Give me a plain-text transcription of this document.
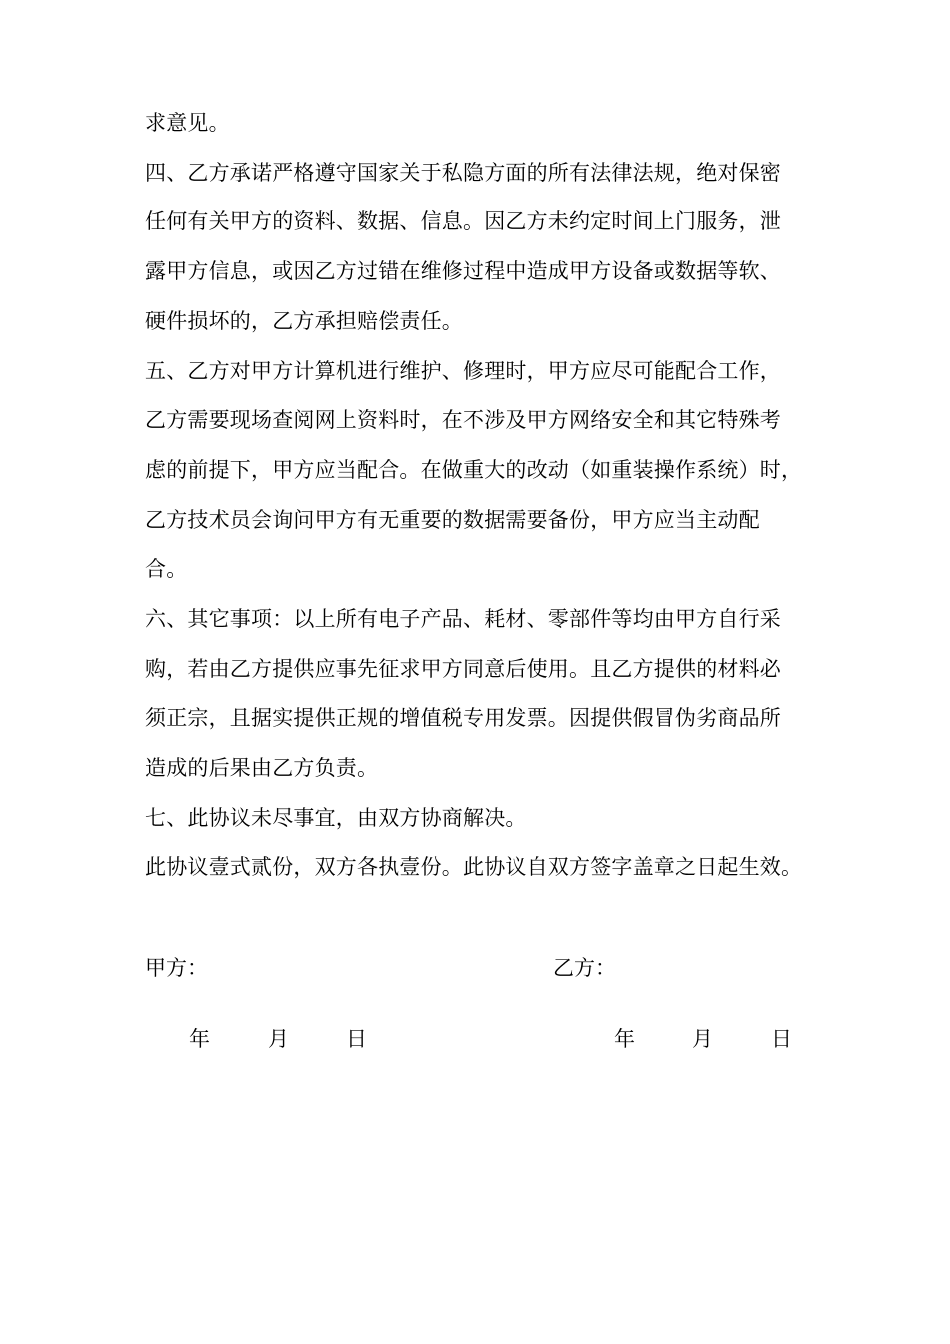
求意见。
四、乙方承诺严格遵守国家关于私隐方面的所有法律法规，绝对保密
任何有关甲方的资料、数据、信息。因乙方未约定时间上门服务，泄
露甲方信息，或因乙方过错在维修过程中造成甲方设备或数据等软、
硬件损坏的，乙方承担赔偿责任。
五、乙方对甲方计算机进行维护、修理时，甲方应尽可能配合工作，
乙方需要现场查阅网上资料时，在不涉及甲方网络安全和其它特殊考
虑的前提下，甲方应当配合。在做重大的改动（如重装操作系统）时，
乙方技术员会询问甲方有无重要的数据需要备份，甲方应当主动配
合。
六、其它事项：以上所有电子产品、耗材、零部件等均由甲方自行采
购，若由乙方提供应事先征求甲方同意后使用。且乙方提供的材料必
须正宗，且据实提供正规的增值税专用发票。因提供假冒伪劣商品所
造成的后果由乙方负责。
七、此协议未尽事宜，由双方协商解决。
此协议壹式贰份，双方各执壹份。此协议自双方签字盖章之日起生效。
甲方：	乙方：
年	月	日	年	月	日
